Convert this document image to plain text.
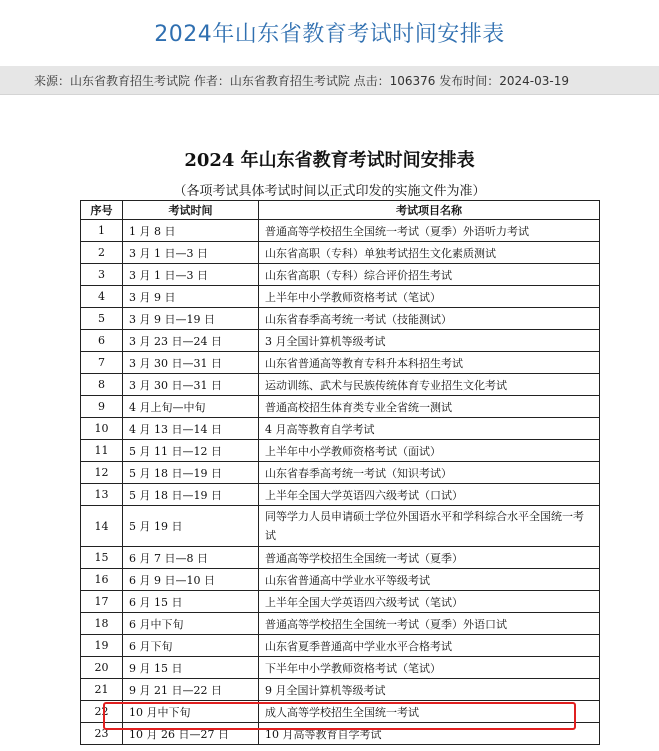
2024年山东省教育考试时间安排表
来源：山东省教育招生考试院 作者：山东省教育招生考试院 点击：106376 发布时间：2024-03-19
2024 年山东省教育考试时间安排表
（各项考试具体考试时间以正式印发的实施文件为准）
序号	考试时间	考试项目名称
1	1 月 8 日	普通高等学校招生全国统一考试（夏季）外语听力考试
2	3 月 1 日—3 日	山东省高职（专科）单独考试招生文化素质测试
3	3 月 1 日—3 日	山东省高职（专科）综合评价招生考试
4	3 月 9 日	上半年中小学教师资格考试（笔试）
5	3 月 9 日—19 日	山东省春季高考统一考试（技能测试）
6	3 月 23 日—24 日	3 月全国计算机等级考试
7	3 月 30 日—31 日	山东省普通高等教育专科升本科招生考试
8	3 月 30 日—31 日	运动训练、武术与民族传统体育专业招生文化考试
9	4 月上旬—中旬	普通高校招生体育类专业全省统一测试
10	4 月 13 日—14 日	4 月高等教育自学考试
11	5 月 11 日—12 日	上半年中小学教师资格考试（面试）
12	5 月 18 日—19 日	山东省春季高考统一考试（知识考试）
13	5 月 18 日—19 日	上半年全国大学英语四六级考试（口试）
14	5 月 19 日	同等学力人员申请硕士学位外国语水平和学科综合水平全国统一考试
15	6 月 7 日—8 日	普通高等学校招生全国统一考试（夏季）
16	6 月 9 日—10 日	山东省普通高中学业水平等级考试
17	6 月 15 日	上半年全国大学英语四六级考试（笔试）
18	6 月中下旬	普通高等学校招生全国统一考试（夏季）外语口试
19	6 月下旬	山东省夏季普通高中学业水平合格考试
20	9 月 15 日	下半年中小学教师资格考试（笔试）
21	9 月 21 日—22 日	9 月全国计算机等级考试
22	10 月中下旬	成人高等学校招生全国统一考试
23	10 月 26 日—27 日	10 月高等教育自学考试
